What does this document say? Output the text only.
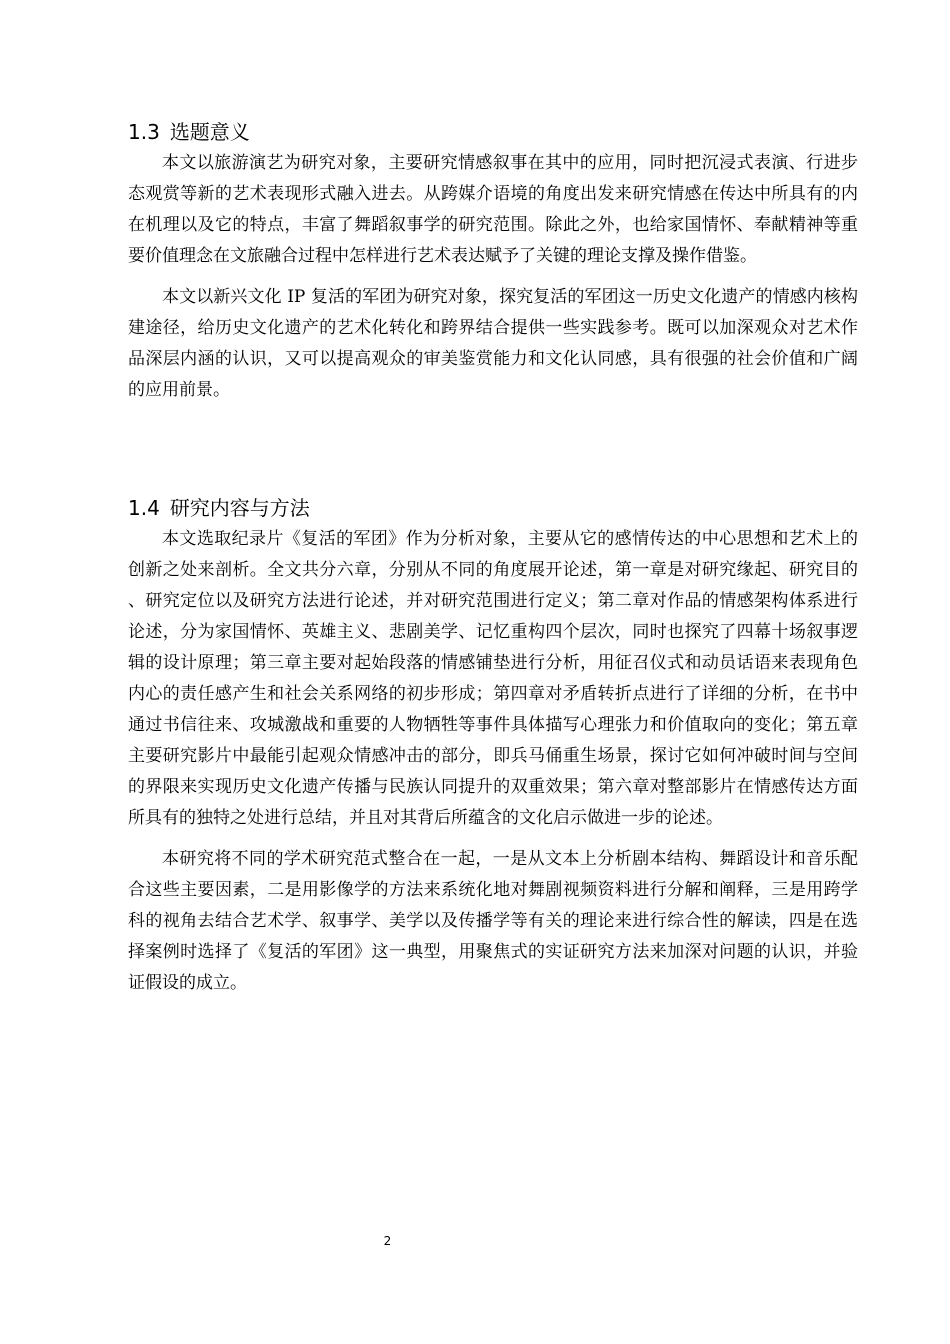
1.3 选题意义

本文以旅游演艺为研究对象，主要研究情感叙事在其中的应用，同时把沉浸式表演、行进步态观赏等新的艺术表现形式融入进去。从跨媒介语境的角度出发来研究情感在传达中所具有的内在机理以及它的特点，丰富了舞蹈叙事学的研究范围。除此之外，也给家国情怀、奉献精神等重要价值理念在文旅融合过程中怎样进行艺术表达赋予了关键的理论支撑及操作借鉴。

本文以新兴文化 IP 复活的军团为研究对象，探究复活的军团这一历史文化遗产的情感内核构建途径，给历史文化遗产的艺术化转化和跨界结合提供一些实践参考。既可以加深观众对艺术作品深层内涵的认识，又可以提高观众的审美鉴赏能力和文化认同感，具有很强的社会价值和广阔的应用前景。

1.4 研究内容与方法

本文选取纪录片《复活的军团》作为分析对象，主要从它的感情传达的中心思想和艺术上的创新之处来剖析。全文共分六章，分别从不同的角度展开论述，第一章是对研究缘起、研究目的、研究定位以及研究方法进行论述，并对研究范围进行定义；第二章对作品的情感架构体系进行论述，分为家国情怀、英雄主义、悲剧美学、记忆重构四个层次，同时也探究了四幕十场叙事逻辑的设计原理；第三章主要对起始段落的情感铺垫进行分析，用征召仪式和动员话语来表现角色内心的责任感产生和社会关系网络的初步形成；第四章对矛盾转折点进行了详细的分析，在书中通过书信往来、攻城激战和重要的人物牺牲等事件具体描写心理张力和价值取向的变化；第五章主要研究影片中最能引起观众情感冲击的部分，即兵马俑重生场景，探讨它如何冲破时间与空间的界限来实现历史文化遗产传播与民族认同提升的双重效果；第六章对整部影片在情感传达方面所具有的独特之处进行总结，并且对其背后所蕴含的文化启示做进一步的论述。

本研究将不同的学术研究范式整合在一起，一是从文本上分析剧本结构、舞蹈设计和音乐配合这些主要因素，二是用影像学的方法来系统化地对舞剧视频资料进行分解和阐释，三是用跨学科的视角去结合艺术学、叙事学、美学以及传播学等有关的理论来进行综合性的解读，四是在选择案例时选择了《复活的军团》这一典型，用聚焦式的实证研究方法来加深对问题的认识，并验证假设的成立。

2
